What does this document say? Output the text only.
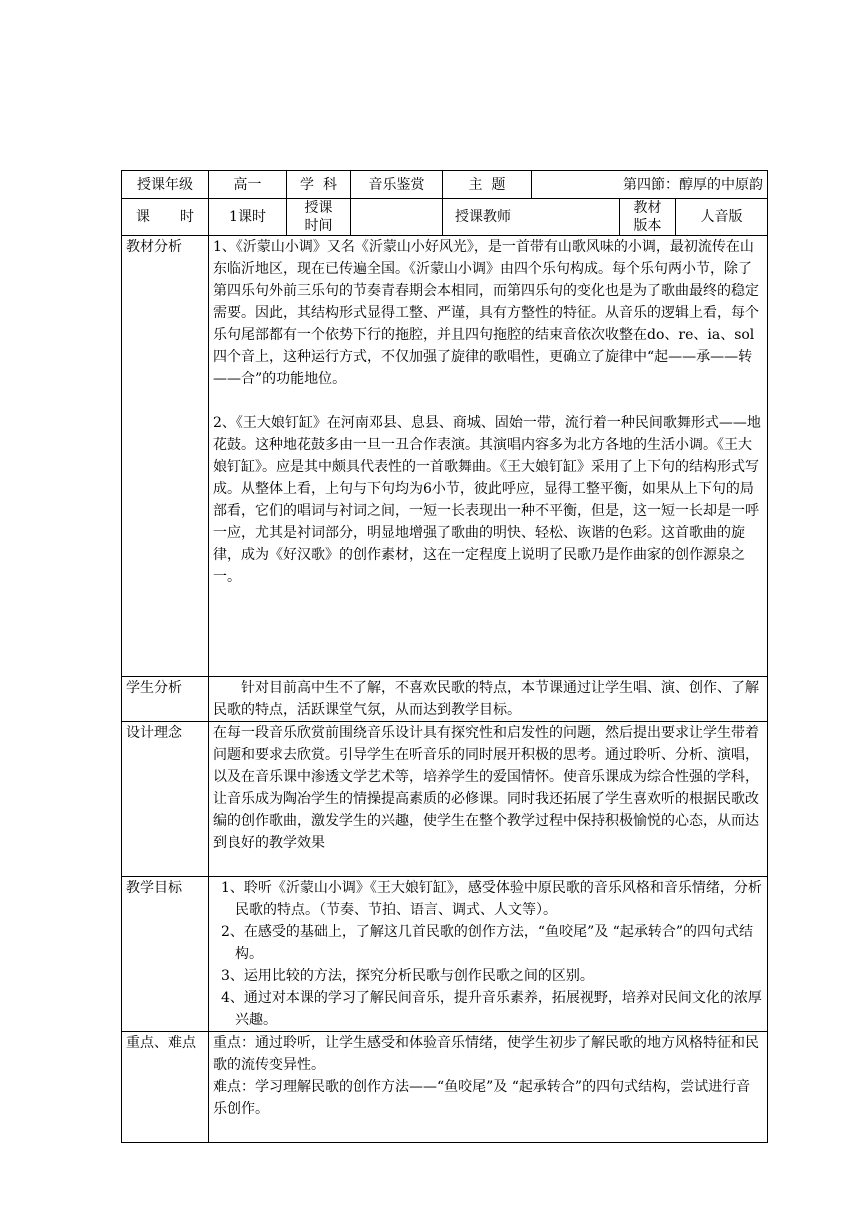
授课年级	高一	学  科	音乐鉴赏	主  题	第四節：醇厚的中原韵		

课 时	1课时	授课时间		授课教师		教材版本	人音版
教材分析	1、《沂蒙山小调》又名《沂蒙山小好风光》，是一首带有山歌风味的小调，最初流传在山东临沂地区，现在已传遍全国。《沂蒙山小调》由四个乐句构成。每个乐句两小节，除了第四乐句外前三乐句的节奏青春期会本相同，而第四乐句的变化也是为了歌曲最终的稳定需要。因此，其结构形式显得工整、严谨，具有方整性的特征。从音乐的逻辑上看，每个乐句尾部都有一个依势下行的拖腔，并且四句拖腔的结束音依次收整在do、re、ia、sol四个音上，这种运行方式，不仅加强了旋律的歌唱性，更确立了旋律中“起——承——转——合”的功能地位。

2、《王大娘钉缸》在河南邓县、息县、商城、固始一带，流行着一种民间歌舞形式——地花鼓。这种地花鼓多由一旦一丑合作表演。其演唱内容多为北方各地的生活小调。《王大娘钉缸》。应是其中颇具代表性的一首歌舞曲。《王大娘钉缸》采用了上下句的结构形式写成。从整体上看，上句与下句均为6小节，彼此呼应，显得工整平衡，如果从上下句的局部看，它们的唱词与衬词之间，一短一长表现出一种不平衡，但是，这一短一长却是一呼一应，尤其是衬词部分，明显地增强了歌曲的明快、轻松、诙谐的色彩。这首歌曲的旋律，成为《好汉歌》的创作素材，这在一定程度上说明了民歌乃是作曲家的创作源泉之一。						

学生分析	针对目前高中生不了解，不喜欢民歌的特点，本节课通过让学生唱、演、创作、了解民歌的特点，活跃课堂气氛，从而达到教学目标。						

设计理念	在每一段音乐欣赏前围绕音乐设计具有探究性和启发性的问题，然后提出要求让学生带着问题和要求去欣赏。引导学生在听音乐的同时展开积极的思考。通过聆听、分析、演唱，以及在音乐课中渗透文学艺术等，培养学生的爱国情怀。使音乐课成为综合性强的学科，让音乐成为陶冶学生的情操提高素质的必修课。同时我还拓展了学生喜欢听的根据民歌改编的创作歌曲，激发学生的兴趣，使学生在整个教学过程中保持积极愉悦的心态，从而达到良好的教学效果						

教学目标	1、聆听《沂蒙山小调》《王大娘钉缸》，感受体验中原民歌的音乐风格和音乐情绪，分析民歌的特点。（节奏、节拍、语言、调式、人文等）。

2、在感受的基础上，了解这几首民歌的创作方法，“鱼咬尾”及 “起承转合”的四句式结构。

3、运用比较的方法，探究分析民歌与创作民歌之间的区别。

4、通过对本课的学习了解民间音乐，提升音乐素养，拓展视野，培养对民间文化的浓厚兴趣。						

重点、难点	重点：通过聆听，让学生感受和体验音乐情绪，使学生初步了解民歌的地方风格特征和民歌的流传变异性。

难点：学习理解民歌的创作方法——“鱼咬尾”及 “起承转合”的四句式结构，尝试进行音乐创作。						
